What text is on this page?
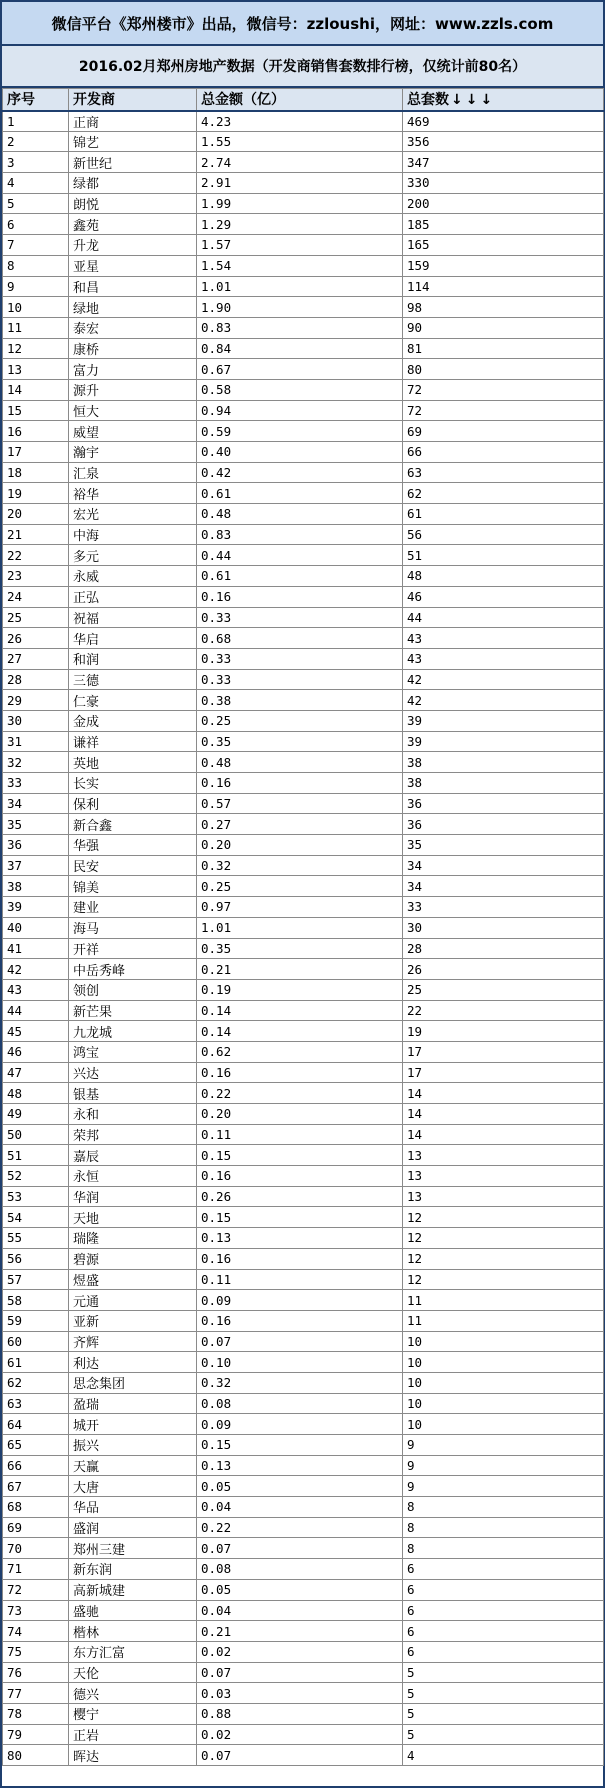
微信平台《郑州楼市》出品，微信号：zzloushi，网址：www.zzls.com
2016.02月郑州房地产数据（开发商销售套数排行榜，仅统计前80名）
序号	开发商	总金额（亿）	总套数 ↓↓↓
1	正商	4.23	469
2	锦艺	1.55	356
3	新世纪	2.74	347
4	绿都	2.91	330
5	朗悦	1.99	200
6	鑫苑	1.29	185
7	升龙	1.57	165
8	亚星	1.54	159
9	和昌	1.01	114
10	绿地	1.90	98
11	泰宏	0.83	90
12	康桥	0.84	81
13	富力	0.67	80
14	源升	0.58	72
15	恒大	0.94	72
16	威望	0.59	69
17	瀚宇	0.40	66
18	汇泉	0.42	63
19	裕华	0.61	62
20	宏光	0.48	61
21	中海	0.83	56
22	多元	0.44	51
23	永威	0.61	48
24	正弘	0.16	46
25	祝福	0.33	44
26	华启	0.68	43
27	和润	0.33	43
28	三德	0.33	42
29	仁豪	0.38	42
30	金成	0.25	39
31	谦祥	0.35	39
32	英地	0.48	38
33	长实	0.16	38
34	保利	0.57	36
35	新合鑫	0.27	36
36	华强	0.20	35
37	民安	0.32	34
38	锦美	0.25	34
39	建业	0.97	33
40	海马	1.01	30
41	开祥	0.35	28
42	中岳秀峰	0.21	26
43	领创	0.19	25
44	新芒果	0.14	22
45	九龙城	0.14	19
46	鸿宝	0.62	17
47	兴达	0.16	17
48	银基	0.22	14
49	永和	0.20	14
50	荣邦	0.11	14
51	嘉辰	0.15	13
52	永恒	0.16	13
53	华润	0.26	13
54	天地	0.15	12
55	瑞隆	0.13	12
56	碧源	0.16	12
57	煜盛	0.11	12
58	元通	0.09	11
59	亚新	0.16	11
60	齐辉	0.07	10
61	利达	0.10	10
62	思念集团	0.32	10
63	盈瑞	0.08	10
64	城开	0.09	10
65	振兴	0.15	9
66	天赢	0.13	9
67	大唐	0.05	9
68	华品	0.04	8
69	盛润	0.22	8
70	郑州三建	0.07	8
71	新东润	0.08	6
72	高新城建	0.05	6
73	盛驰	0.04	6
74	楷林	0.21	6
75	东方汇富	0.02	6
76	天伦	0.07	5
77	德兴	0.03	5
78	樱宁	0.88	5
79	正岩	0.02	5
80	晖达	0.07	4
